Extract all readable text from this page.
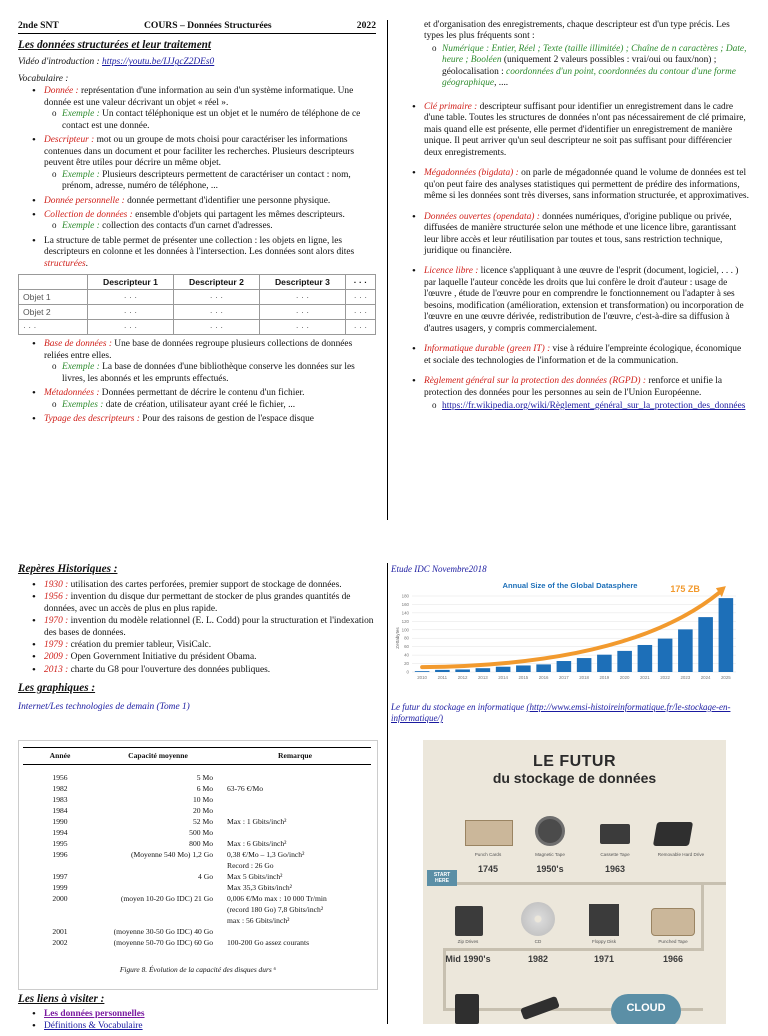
2nde SNT	COURS – Données Structurées	2022
Les données structurées et leur traitement
Vidéo d'introduction : https://youtu.be/IJJgcZ2DEs0
Vocabulaire :
• Donnée : représentation d'une information au sein d'un système informatique. Une donnée est une valeur décrivant un objet « réel ».
o Exemple : Un contact téléphonique est un objet et le numéro de téléphone de ce contact est une donnée.
• Descripteur : mot ou un groupe de mots choisi pour caractériser les informations contenues dans un document et pour faciliter les recherches. Plusieurs descripteurs peuvent être utiles pour décrire un même objet.
o Exemple : Plusieurs descripteurs permettent de caractériser un contact : nom, prénom, adresse, numéro de téléphone, ...
• Donnée personnelle : donnée permettant d'identifier une personne physique.
• Collection de données : ensemble d'objets qui partagent les mêmes descripteurs.
o Exemple : collection des contacts d'un carnet d'adresses.
• La structure de table permet de présenter une collection : les objets en ligne, les descripteurs en colonne et les données à l'intersection. Les données sont alors dites structurées.
	Descripteur 1	Descripteur 2	Descripteur 3	· · ·
Objet 1	· · ·	· · ·	· · ·	· · ·
Objet 2	· · ·	· · ·	· · ·	· · ·
· · ·	· · ·	· · ·	· · ·	· · ·
• Base de données : Une base de données regroupe plusieurs collections de données reliées entre elles.
o Exemple : La base de données d'une bibliothèque conserve les données sur les livres, les abonnés et les emprunts effectués.
• Métadonnées : Données permettant de décrire le contenu d'un fichier.
o Exemples : date de création, utilisateur ayant créé le fichier, ...
• Typage des descripteurs : Pour des raisons de gestion de l'espace disque
et d'organisation des enregistrements, chaque descripteur est d'un type précis. Les types les plus fréquents sont :
o Numérique : Entier, Réel ; Texte (taille illimitée) ; Chaîne de n caractères ; Date, heure ; Booléen (uniquement 2 valeurs possibles : vrai/oui ou faux/non) ; géolocalisation : coordonnées d'un point, coordonnées du contour d'une forme géographique, ....
• Clé primaire : descripteur suffisant pour identifier un enregistrement dans le cadre d'une table. Toutes les structures de données n'ont pas nécessairement de clé primaire, mais quand elle est présente, elle permet d'identifier un enregistrement de manière unique. Il peut arriver qu'un seul descripteur ne soit pas suffisant pour différencier deux enregistrements.
• Mégadonnées (bigdata) : on parle de mégadonnée quand le volume de données est tel qu'on peut faire des analyses statistiques qui permettent de prédire des informations, même si les données sont très diverses, sans information structurée, et approximatives.
• Données ouvertes (opendata) : données numériques, d'origine publique ou privée, diffusées de manière structurée selon une méthode et une licence libre, garantissant leur libre accès et leur réutilisation par toutes et tous, sans restriction technique, juridique ou financière.
• Licence libre : licence s'appliquant à une œuvre de l'esprit (document, logiciel, . . . ) par laquelle l'auteur concède les droits que lui confère le droit d'auteur : usage de l'œuvre , étude de l'œuvre pour en comprendre le fonctionnement ou l'adapter à ses besoins, modification (amélioration, extension et transformation) ou incorporation de l'œuvre en une œuvre dérivée, redistribution de l'œuvre, c'est-à-dire sa diffusion à d'autres usagers, y compris commercialement.
• Informatique durable (green IT) : vise à réduire l'empreinte écologique, économique et sociale des technologies de l'information et de la communication.
• Règlement général sur la protection des données (RGPD) : renforce et unifie la protection des données pour les personnes au sein de l'Union Européenne.
o https://fr.wikipedia.org/wiki/Règlement_général_sur_la_protection_des_données
Repères Historiques :
• 1930 : utilisation des cartes perforées, premier support de stockage de données.
• 1956 : invention du disque dur permettant de stocker de plus grandes quantités de données, avec un accès de plus en plus rapide.
• 1970 : invention du modèle relationnel (E. L. Codd) pour la structuration et l'indexation des bases de données.
• 1979 : création du premier tableur, VisiCalc.
• 2009 : Open Government Initiative du président Obama.
• 2013 : charte du G8 pour l'ouverture des données publiques.
Les graphiques :
Internet/Les technologies de demain (Tome 1)
Année	Capacité moyenne	Remarque

1956	5 Mo	
1982	6 Mo	63-76 €/Mo
1983	10 Mo	
1984	20 Mo	
1990	52 Mo	Max : 1 Gbits/inch²
1994	500 Mo	
1995	800 Mo	Max : 6 Gbits/inch²
1996	(Moyenne 540 Mo) 1,2 Go	0,38 €/Mo – 1,3 Go/inch²
		Record : 26 Go
1997	4 Go	Max 5 Gbits/inch²
1999		Max 35,3 Gbits/inch²
2000	(moyen 10-20 Go IDC) 21 Go	0,006 €/Mo max : 10 000 Tr/min
		(record 180 Go) 7,8 Gbits/inch²
		max : 56 Gbits/inch²
2001	(moyenne 30-50 Go IDC) 40 Go	
2002	(moyenne 50-70 Go IDC) 60 Go	100-200 Go assez courants
Figure 8. Évolution de la capacité des disques durs ⁶
Les liens à visiter :
• Les données personnelles
• Définitions & Vocabulaire
Etude IDC Novembre2018
Annual Size of the Global Datasphere
Zettabytes
0
20
40
60
80
100
120
140
160
180
2010 2011 2012 2013 2014 2015 2016 2017 2018 2019 2020 2021 2022 2023 2024 2025
175 ZB
Le futur du stockage en informatique (http://www.emsi-histoireinformatique.fr/le-stockage-en-informatique/)
LE FUTUR
du stockage de données
START HERE
Punch Cards	Magnetic Tape	Cassette Tape	Removable Hard Drive
1745	1950's	1963
Zip Drives	CD	Floppy Disk	Punched Tape
Mid 1990's	1982	1971	1966
CLOUD
